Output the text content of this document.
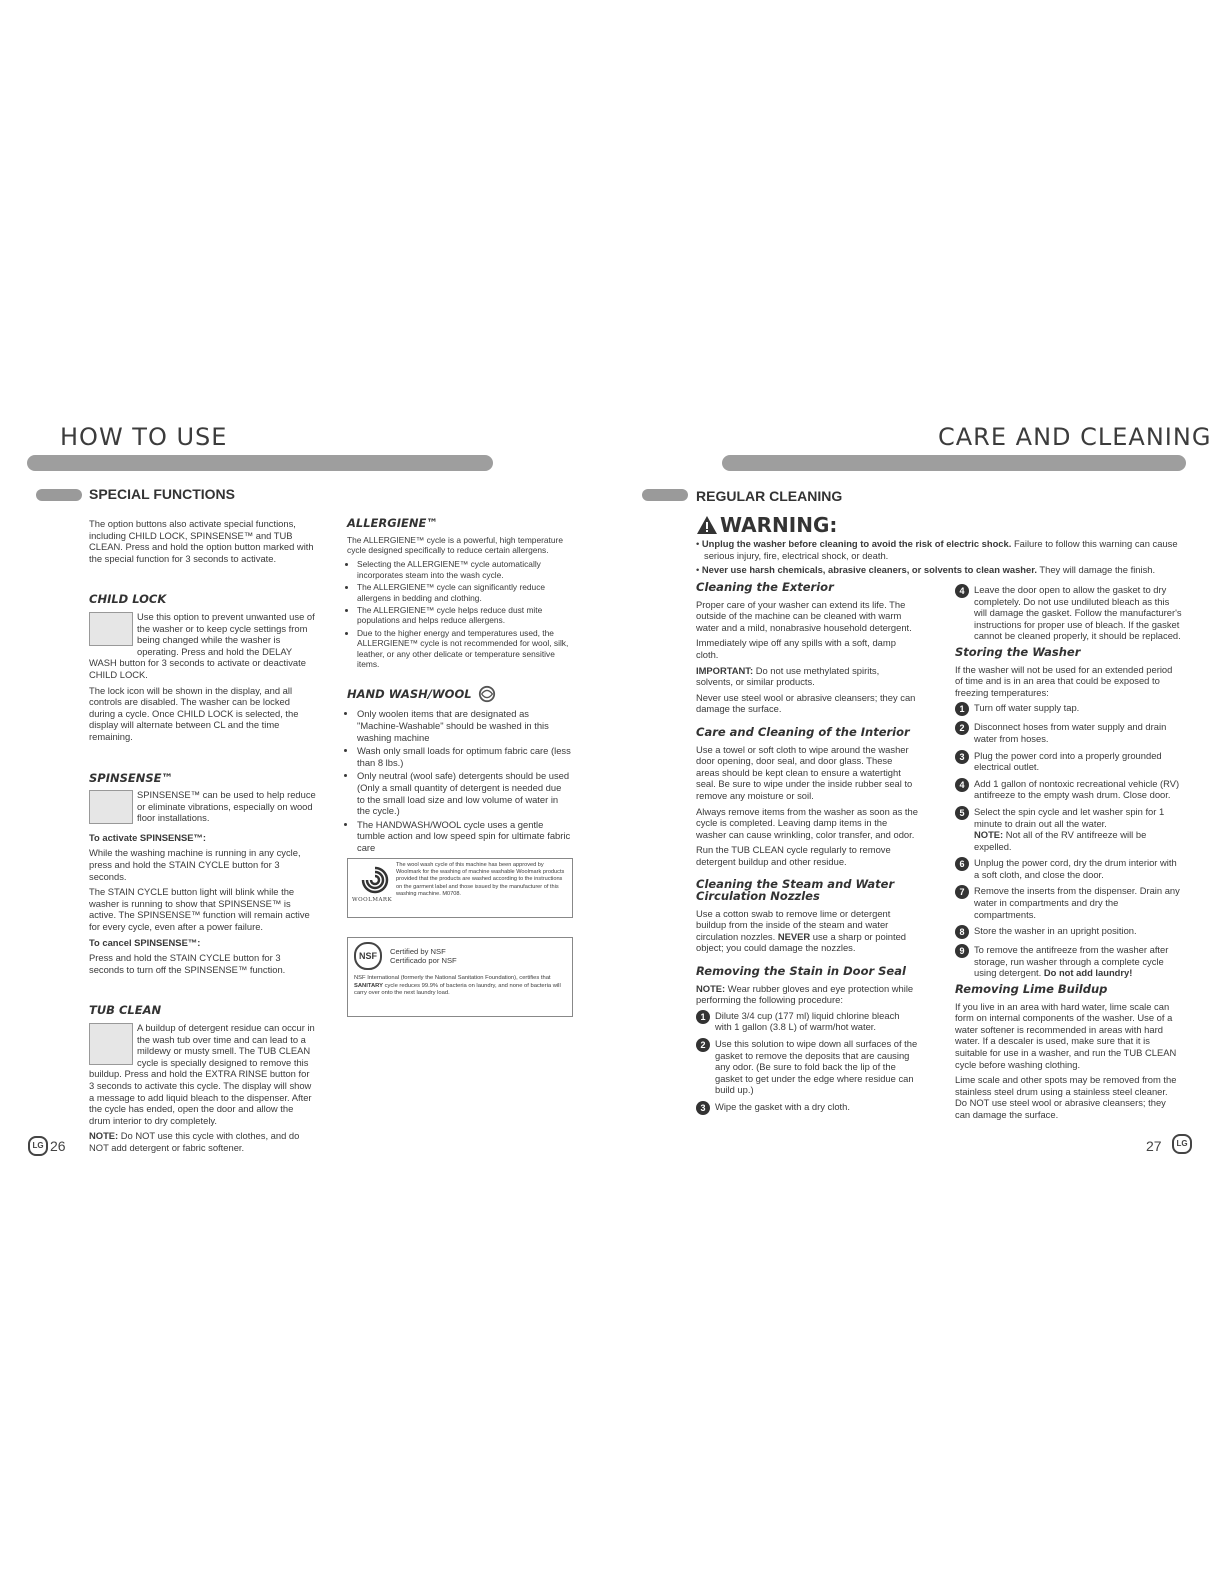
HOW TO USE
SPECIAL FUNCTIONS

The option buttons also activate special functions, including CHILD LOCK, SPINSENSE™ and TUB CLEAN. Press and hold the option button marked with the special function for 3 seconds to activate.

CHILD LOCK

Use this option to prevent unwanted use of the washer or to keep cycle settings from being changed while the washer is operating. Press and hold the DELAY WASH button for 3 seconds to activate or deactivate CHILD LOCK.

The lock icon will be shown in the display, and all controls are disabled. The washer can be locked during a cycle. Once CHILD LOCK is selected, the display will alternate between CL and the time remaining.

SPINSENSE™

SPINSENSE™ can be used to help reduce or eliminate vibrations, especially on wood floor installations.

To activate SPINSENSE™:

While the washing machine is running in any cycle, press and hold the STAIN CYCLE button for 3 seconds.

The STAIN CYCLE button light will blink while the washer is running to show that SPINSENSE™ is active. The SPINSENSE™ function will remain active for every cycle, even after a power failure.

To cancel SPINSENSE™:

Press and hold the STAIN CYCLE button for 3 seconds to turn off the SPINSENSE™ function.

TUB CLEAN

A buildup of detergent residue can occur in the wash tub over time and can lead to a mildewy or musty smell. The TUB CLEAN cycle is specially designed to remove this buildup. Press and hold the EXTRA RINSE button for 3 seconds to activate this cycle. The display will show a message to add liquid bleach to the dispenser. After the cycle has ended, open the door and allow the drum interior to dry completely.

NOTE: Do NOT use this cycle with clothes, and do NOT add detergent or fabric softener.

ALLERGIENE™

The ALLERGIENE™ cycle is a powerful, high temperature cycle designed specifically to reduce certain allergens.

• Selecting the ALLERGIENE™ cycle automatically incorporates steam into the wash cycle.
• The ALLERGIENE™ cycle can significantly reduce allergens in bedding and clothing.
• The ALLERGIENE™ cycle helps reduce dust mite populations and helps reduce allergens.
• Due to the higher energy and temperatures used, the ALLERGIENE™ cycle is not recommended for wool, silk, leather, or any other delicate or temperature sensitive items.
HAND WASH/WOOL
• Only woolen items that are designated as "Machine-Washable" should be washed in this washing machine
• Wash only small loads for optimum fabric care (less than 8 lbs.)
• Only neutral (wool safe) detergents should be used (Only a small quantity of detergent is needed due to the small load size and low volume of water in the cycle.)
• The HANDWASH/WOOL cycle uses a gentle tumble action and low speed spin for ultimate fabric care
WOOLMARK
The wool wash cycle of this machine has been approved by Woolmark for the washing of machine washable Woolmark products provided that the products are washed according to the instructions on the garment label and those issued by the manufacturer of this washing machine. M0708.
NSF	Certified by NSF
Certificado por NSF
NSF International (formerly the National Sanitation Foundation), certifies that SANITARY cycle reduces 99.9% of bacteria on laundry, and none of bacteria will carry over onto the next laundry load.
LG 26
CARE AND CLEANING
REGULAR CLEANING
WARNING:
• Unplug the washer before cleaning to avoid the risk of electric shock. Failure to follow this warning can cause serious injury, fire, electrical shock, or death.
• Never use harsh chemicals, abrasive cleaners, or solvents to clean washer. They will damage the finish.
Cleaning the Exterior

Proper care of your washer can extend its life. The outside of the machine can be cleaned with warm water and a mild, nonabrasive household detergent.

Immediately wipe off any spills with a soft, damp cloth.

IMPORTANT: Do not use methylated spirits, solvents, or similar products.

Never use steel wool or abrasive cleansers; they can damage the surface.

Care and Cleaning of the Interior

Use a towel or soft cloth to wipe around the washer door opening, door seal, and door glass. These areas should be kept clean to ensure a watertight seal. Be sure to wipe under the inside rubber seal to remove any moisture or soil.

Always remove items from the washer as soon as the cycle is completed. Leaving damp items in the washer can cause wrinkling, color transfer, and odor.

Run the TUB CLEAN cycle regularly to remove detergent buildup and other residue.

Cleaning the Steam and Water Circulation Nozzles

Use a cotton swab to remove lime or detergent buildup from the inside of the steam and water circulation nozzles. NEVER use a sharp or pointed object; you could damage the nozzles.

Removing the Stain in Door Seal

NOTE: Wear rubber gloves and eye protection while performing the following procedure:

1	Dilute 3/4 cup (177 ml) liquid chlorine bleach with 1 gallon (3.8 L) of warm/hot water.
2	Use this solution to wipe down all surfaces of the gasket to remove the deposits that are causing any odor. (Be sure to fold back the lip of the gasket to get under the edge where residue can build up.)
3	Wipe the gasket with a dry cloth.
4	Leave the door open to allow the gasket to dry completely. Do not use undiluted bleach as this will damage the gasket. Follow the manufacturer's instructions for proper use of bleach. If the gasket cannot be cleaned properly, it should be replaced.
Storing the Washer

If the washer will not be used for an extended period of time and is in an area that could be exposed to freezing temperatures:

1	Turn off water supply tap.
2	Disconnect hoses from water supply and drain water from hoses.
3	Plug the power cord into a properly grounded electrical outlet.
4	Add 1 gallon of nontoxic recreational vehicle (RV) antifreeze to the empty wash drum. Close door.
5	Select the spin cycle and let washer spin for 1 minute to drain out all the water.
NOTE: Not all of the RV antifreeze will be expelled.
6	Unplug the power cord, dry the drum interior with a soft cloth, and close the door.
7	Remove the inserts from the dispenser. Drain any water in compartments and dry the compartments.
8	Store the washer in an upright position.
9	To remove the antifreeze from the washer after storage, run washer through a complete cycle using detergent. Do not add laundry!
Removing Lime Buildup

If you live in an area with hard water, lime scale can form on internal components of the washer. Use of a water softener is recommended in areas with hard water. If a descaler is used, make sure that it is suitable for use in a washer, and run the TUB CLEAN cycle before washing clothing.

Lime scale and other spots may be removed from the stainless steel drum using a stainless steel cleaner. Do NOT use steel wool or abrasive cleansers; they can damage the surface.

27	LG
